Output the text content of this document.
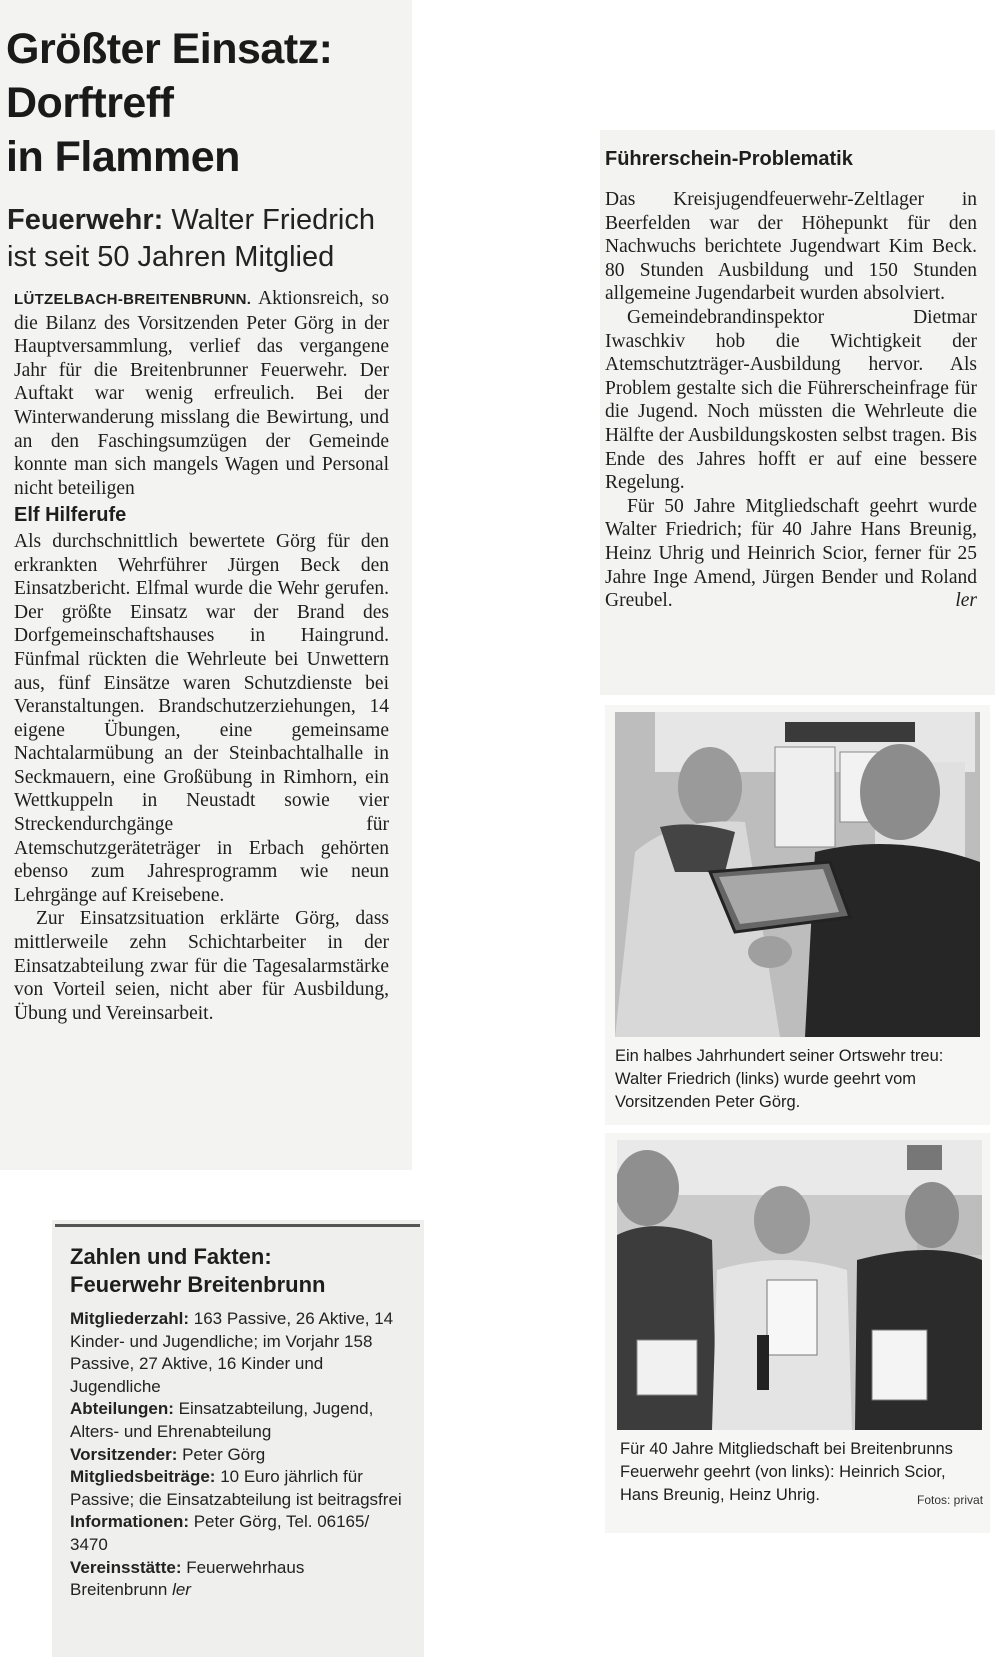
Größter Einsatz:
Dorftreff
in Flammen
Feuerwehr: Walter Friedrich ist seit 50 Jahren Mitglied

LÜTZELBACH-BREITENBRUNN. Aktionsreich, so die Bilanz des Vorsitzenden Peter Görg in der Hauptversammlung, verlief das vergangene Jahr für die Breitenbrunner Feuerwehr. Der Auftakt war wenig erfreulich. Bei der Winterwanderung misslang die Bewirtung, und an den Faschingsumzügen der Gemeinde konnte man sich mangels Wagen und Personal nicht beteiligen

Elf Hilferufe

Als durchschnittlich bewertete Görg für den erkrankten Wehrführer Jürgen Beck den Einsatzbericht. Elfmal wurde die Wehr gerufen. Der größte Einsatz war der Brand des Dorfgemeinschaftshauses in Haingrund. Fünfmal rückten die Wehrleute bei Unwettern aus, fünf Einsätze waren Schutzdienste bei Veranstaltungen. Brandschutzerziehungen, 14 eigene Übungen, eine gemeinsame Nachtalarmübung an der Steinbachtalhalle in Seckmauern, eine Großübung in Rimhorn, ein Wettkuppeln in Neustadt sowie vier Streckendurchgänge für Atemschutzgeräteträger in Erbach gehörten ebenso zum Jahresprogramm wie neun Lehrgänge auf Kreisebene.

Zur Einsatzsituation erklärte Görg, dass mittlerweile zehn Schichtarbeiter in der Einsatzabteilung zwar für die Tagesalarmstärke von Vorteil seien, nicht aber für Ausbildung, Übung und Vereinsarbeit.

Führerschein-Problematik

Das Kreisjugendfeuerwehr-Zeltlager in Beerfelden war der Höhepunkt für den Nachwuchs berichtete Jugendwart Kim Beck. 80 Stunden Ausbildung und 150 Stunden allgemeine Jugendarbeit wurden absolviert.

Gemeindebrandinspektor Dietmar Iwaschkiv hob die Wichtigkeit der Atemschutzträger-Ausbildung hervor. Als Problem gestalte sich die Führerscheinfrage für die Jugend. Noch müssten die Wehrleute die Hälfte der Ausbildungskosten selbst tragen. Bis Ende des Jahres hofft er auf eine bessere Regelung.

Für 50 Jahre Mitgliedschaft geehrt wurde Walter Friedrich; für 40 Jahre Hans Breunig, Heinz Uhrig und Heinrich Scior, ferner für 25 Jahre Inge Amend, Jürgen Bender und Roland Greubel.	ler

Ein halbes Jahrhundert seiner Ortswehr treu: Walter Friedrich (links) wurde geehrt vom Vorsitzenden Peter Görg.
Für 40 Jahre Mitgliedschaft bei Breitenbrunns Feuerwehr geehrt (von links): Heinrich Scior, Hans Breunig, Heinz Uhrig.	Fotos: privat
Zahlen und Fakten:
Feuerwehr Breitenbrunn

Mitgliederzahl: 163 Passive, 26 Aktive, 14 Kinder- und Jugendliche; im Vorjahr 158 Passive, 27 Aktive, 16 Kinder und Jugendliche

Abteilungen: Einsatzabteilung, Jugend, Alters- und Ehrenabteilung

Vorsitzender: Peter Görg

Mitgliedsbeiträge: 10 Euro jährlich für Passive; die Einsatzabteilung ist beitragsfrei

Informationen: Peter Görg, Tel. 06165/ 3470

Vereinsstätte: Feuerwehrhaus Breitenbrunn ler
